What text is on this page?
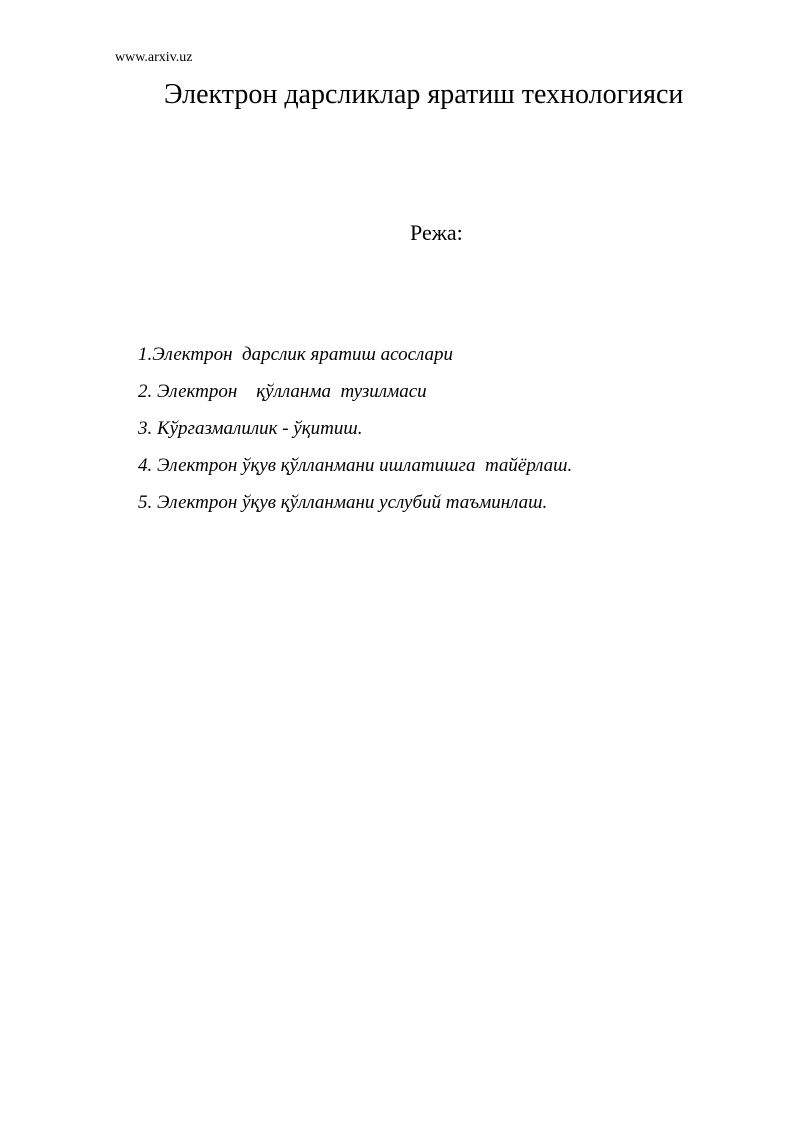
www.arxiv.uz
Электрон дарсликлар яратиш технологияси
Режа:
1.Электрон  дарслик яратиш асослари
2. Электрон    қўлланма  тузилмаси
3. Кўргазмалилик - ўқитиш.
4. Электрон ўқув қўлланмани ишлатишга  тайёрлаш.
5. Электрон ўқув қўлланмани услубий таъминлаш.
